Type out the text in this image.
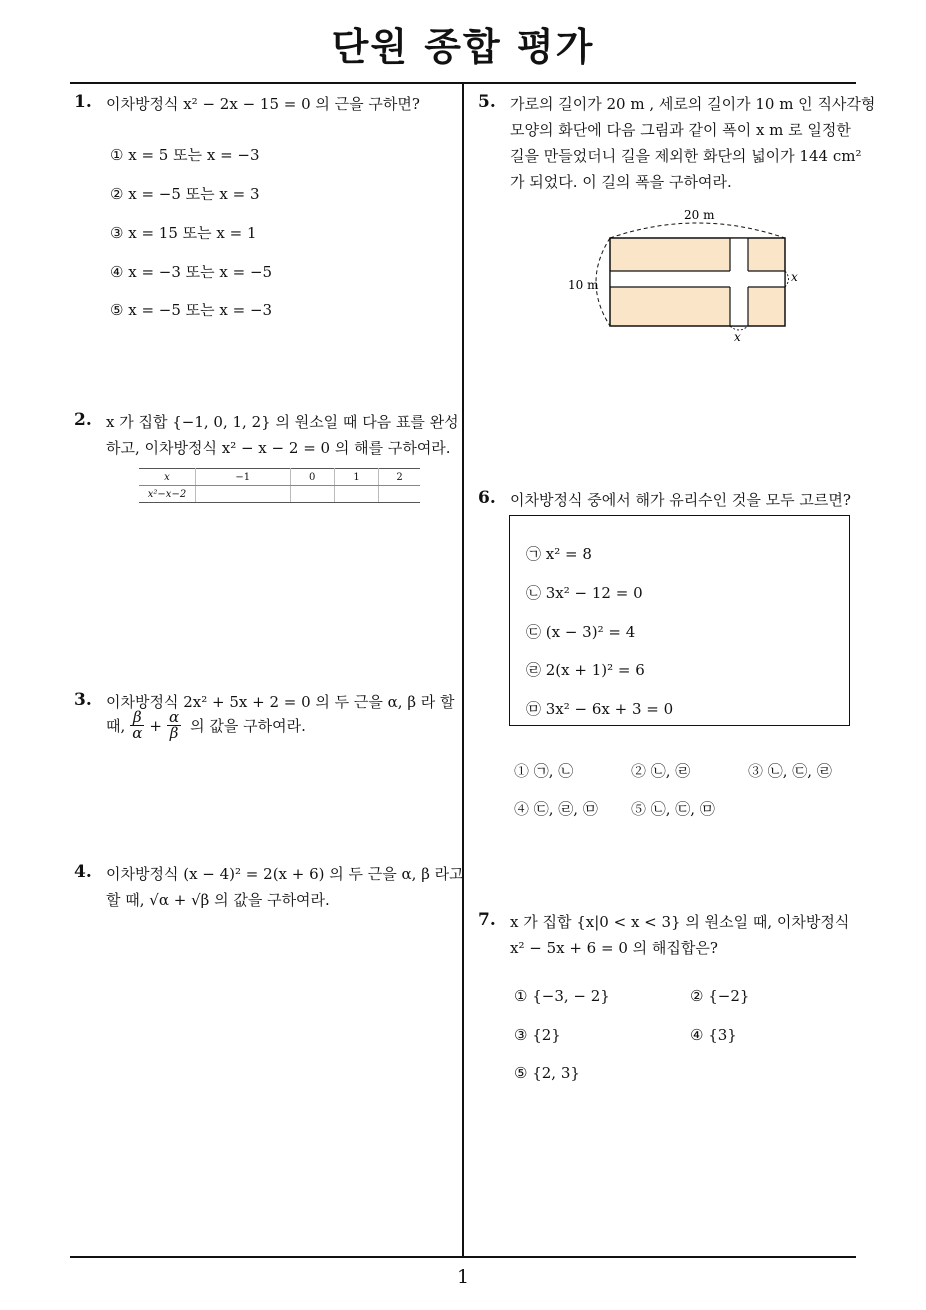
단원 종합 평가
1
1. 이차방정식 x² − 2x − 15 = 0 의 근을 구하면?
① x = 5 또는 x = −3
② x = −5 또는 x = 3
③ x = 15 또는 x = 1
④ x = −3 또는 x = −5
⑤ x = −5 또는 x = −3
2. x 가 집합 {−1, 0, 1, 2} 의 원소일 때 다음 표를 완성
하고, 이차방정식 x² − x − 2 = 0 의 해를 구하여라.
x	−1	0	1	2
x²−x−2				
3. 이차방정식 2x² + 5x + 2 = 0 의 두 근을 α, β 라 할
때, $\frac{\beta}{\alpha} + \frac{\alpha}{\beta}$ 의 값을 구하여라.
4. 이차방정식 (x − 4)² = 2(x + 6) 의 두 근을 α, β 라고
할 때, √α + √β 의 값을 구하여라.
5. 가로의 길이가 20 m , 세로의 길이가 10 m 인 직사각형
모양의 화단에 다음 그림과 같이 폭이 x m 로 일정한
길을 만들었더니 길을 제외한 화단의 넓이가 144 cm²
가 되었다. 이 길의 폭을 구하여라.
20 m
10 m
x
x
6. 이차방정식 중에서 해가 유리수인 것을 모두 고르면?
㉠ x² = 8
㉡ 3x² − 12 = 0
㉢ (x − 3)² = 4
㉣ 2(x + 1)² = 6
㉤ 3x² − 6x + 3 = 0
① ㉠, ㉡	② ㉡, ㉣	③ ㉡, ㉢, ㉣
④ ㉢, ㉣, ㉤ ⑤ ㉡, ㉢, ㉤
7. x 가 집합 {x|0 < x < 3} 의 원소일 때, 이차방정식
x² − 5x + 6 = 0 의 해집합은?
① {−3, − 2}	② {−2}
③ {2}	④ {3}
⑤ {2, 3}
